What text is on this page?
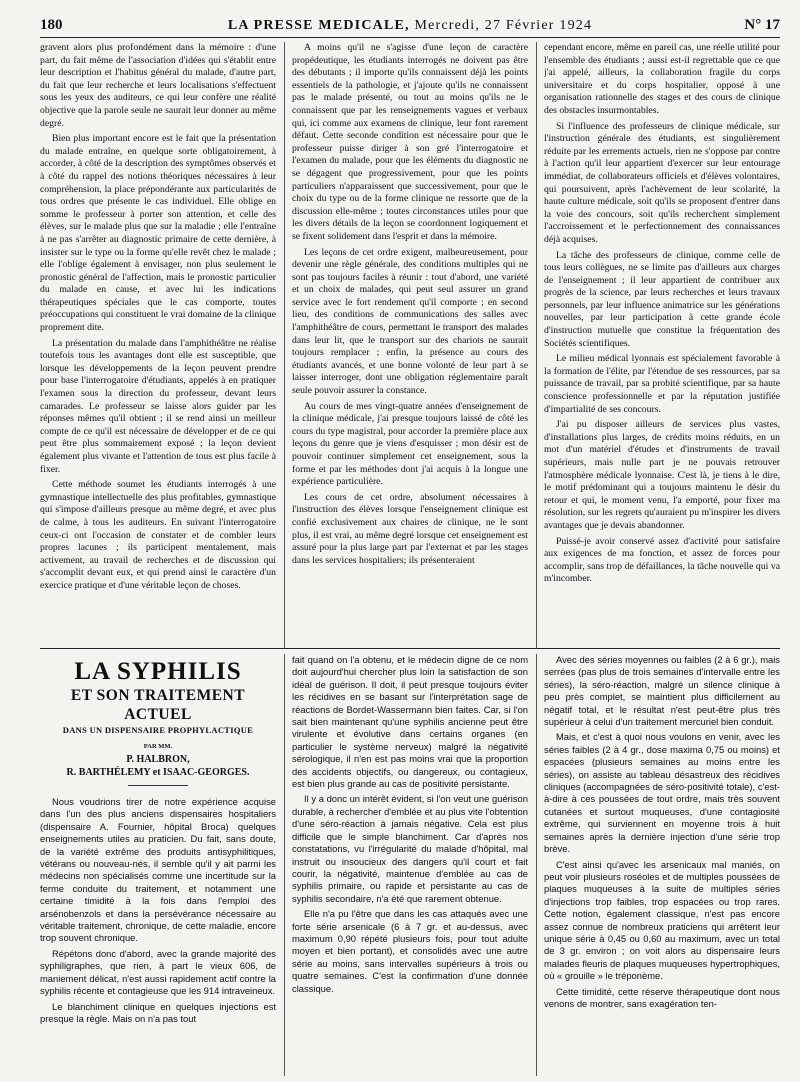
180	LA PRESSE MEDICALE, Mercredi, 27 Février 1924	N° 17

gravent alors plus profondément dans la mémoire : d'une part, du fait même de l'association d'idées qui s'établit entre leur description et l'habitus général du malade, d'autre part, du fait que leur recherche et leurs localisations s'effectuent sous les yeux des auditeurs, ce qui leur confère une réalité objective que la parole seule ne saurait leur donner au même degré.

Bien plus important encore est le fait que la présentation du malade entraîne, en quelque sorte obligatoirement, à accorder, à côté de la description des symptômes observés et à côté du rappel des notions théoriques nécessaires à leur compréhension, la place prépondérante aux particularités de tous ordres que présente le cas individuel. Elle oblige en somme le professeur à porter son attention, et celle des élèves, sur le malade plus que sur la maladie ; elle l'entraîne à ne pas s'arrêter au diagnostic primaire de cette dernière, à insister sur le type ou la forme qu'elle revêt chez le malade ; elle l'oblige également à envisager, non plus seulement le pronostic général de l'affection, mais le pronostic particulier du malade en cause, et avec lui les indications thérapeutiques spéciales que le cas comporte, toutes préoccupations qui constituent le vrai domaine de la clinique proprement dite.

La présentation du malade dans l'amphithéâtre ne réalise toutefois tous les avantages dont elle est susceptible, que lorsque les développements de la leçon peuvent prendre pour base l'interrogatoire d'étudiants, appelés à en pratiquer l'examen sous la direction du professeur, devant leurs camarades. Le professeur se laisse alors guider par les réponses mêmes qu'il obtient ; il se rend ainsi un meilleur compte de ce qu'il est nécessaire de développer et de ce qui peut être plus sommairement exposé ; la leçon devient également plus vivante et l'attention de tous est plus facile à fixer.

Cette méthode soumet les étudiants interrogés à une gymnastique intellectuelle des plus profitables, gymnastique qui s'impose d'ailleurs presque au même degré, et avec plus de calme, à tous les auditeurs. En suivant l'interrogatoire ceux-ci ont l'occasion de constater et de combler leurs propres lacunes ; ils participent mentalement, mais activement, au travail de recherches et de discussion qui s'accomplit devant eux, et qui prend ainsi le caractère d'un exercice pratique et d'une véritable leçon de choses.

A moins qu'il ne s'agisse d'une leçon de caractère propédeutique, les étudiants interrogés ne doivent pas être des débutants ; il importe qu'ils connaissent déjà les points essentiels de la pathologie, et j'ajoute qu'ils ne connaissent pas le malade présenté, ou tout au moins qu'ils ne le connaissent que par les renseignements vagues et verbaux qui, ici comme aux examens de clinique, leur font rarement défaut. Cette seconde condition est nécessaire pour que le professeur puisse diriger à son gré l'interrogatoire et l'examen du malade, pour que les éléments du diagnostic ne se dégagent que progressivement, pour que les points particuliers n'apparaissent que successivement, pour que le choix du type ou de la forme clinique ne ressorte que de la discussion elle-même ; toutes circonstances utiles pour que les divers détails de la leçon se coordonnent logiquement et se fixent solidement dans l'esprit et dans la mémoire.

Les leçons de cet ordre exigent, malheureusement, pour devenir une règle générale, des conditions multiples qui ne sont pas toujours faciles à réunir : tout d'abord, une variété et un choix de malades, qui peut seul assurer un grand service avec le fort rendement qu'il comporte ; en second lieu, des conditions de communications des salles avec l'amphithéâtre de cours, permettant le transport des malades dans leur lit, que le transport sur des chariots ne saurait toujours remplacer ; enfin, la présence au cours des étudiants avancés, et une bonne volonté de leur part à se laisser interroger, dont une obligation réglementaire paraît seule pouvoir assurer la constance.

Au cours de mes vingt-quatre années d'enseignement de la clinique médicale, j'ai presque toujours laissé de côté les cours du type magistral, pour accorder la première place aux leçons du genre que je viens d'esquisser ; mon désir est de pouvoir continuer simplement cet enseignement, sous la forme et par les méthodes dont j'ai acquis à la longue une expérience particulière.

Les cours de cet ordre, absolument nécessaires à l'instruction des élèves lorsque l'enseignement clinique est confié exclusivement aux chaires de clinique, ne le sont plus, il est vrai, au même degré lorsque cet enseignement est assuré pour la plus large part par l'externat et par les stages dans les services hospitaliers; ils présenteraient

cependant encore, même en pareil cas, une réelle utilité pour l'ensemble des étudiants ; aussi est-il regrettable que ce que j'ai appelé, ailleurs, la collaboration fragile du corps universitaire et du corps hospitalier, opposé à une organisation rationnelle des stages et des cours de clinique des obstacles insurmontables.

Si l'influence des professeurs de clinique médicale, sur l'instruction générale des étudiants, est singulièrement réduite par les errements actuels, rien ne s'oppose par contre à l'action qu'il leur appartient d'exercer sur leur entourage immédiat, de collaborateurs officiels et d'élèves volontaires, qui poursuivent, après l'achèvement de leur scolarité, la haute culture médicale, soit qu'ils se proposent d'entrer dans la voie des concours, soit qu'ils recherchent simplement l'accroissement et le perfectionnement des connaissances déjà acquises.

La tâche des professeurs de clinique, comme celle de tous leurs collègues, ne se limite pas d'ailleurs aux charges de l'enseignement ; il leur appartient de contribuer aux progrès de la science, par leurs recherches et leurs travaux personnels, par leur influence animatrice sur les générations nouvelles, par leur participation à cette grande école d'instruction mutuelle que constitue la fréquentation des Sociétés scientifiques.

Le milieu médical lyonnais est spécialement favorable à la formation de l'élite, par l'étendue de ses ressources, par sa puissance de travail, par sa probité scientifique, par sa haute conscience professionnelle et par la réputation justifiée d'impartialité de ses concours.

J'ai pu disposer ailleurs de services plus vastes, d'installations plus larges, de crédits moins réduits, en un mot d'un matériel d'études et d'instruments de travail supérieurs, mais nulle part je ne pouvais retrouver l'atmosphère médicale lyonnaise. C'est là, je tiens à le dire, le motif prédominant qui a toujours maintenu le désir du retour et qui, le moment venu, l'a emporté, pour fixer ma résolution, sur les regrets qu'auraient pu m'inspirer les divers avantages que je devais abandonner.

Puissé-je avoir conservé assez d'activité pour satisfaire aux exigences de ma fonction, et assez de forces pour accomplir, sans trop de défaillances, la tâche nouvelle qui va m'incomber.

LA SYPHILIS
ET SON TRAITEMENT ACTUEL
DANS UN DISPENSAIRE PROPHYLACTIQUE
PAR MM.
P. HALBRON,
R. BARTHÉLEMY et ISAAC-GEORGES.

Nous voudrions tirer de notre expérience acquise dans l'un des plus anciens dispensaires hospitaliers (dispensaire A. Fournier, hôpital Broca) quelques enseignements utiles au praticien. Du fait, sans doute, de la variété extrême des produits antisyphilitiques, vétérans ou nouveau-nés, il semble qu'il y ait parmi les médecins non spécialisés comme une incertitude sur la ferme conduite du traitement, et notamment une certaine timidité à la fois dans l'emploi des arsénobenzols et dans la persévérance nécessaire au véritable traitement, chronique, de cette maladie, encore trop souvent chronique.

Répétons donc d'abord, avec la grande majorité des syphiligraphes, que rien, à part le vieux 606, de maniement délicat, n'est aussi rapidement actif contre la syphilis récente et contagieuse que les 914 intraveineux.

Le blanchiment clinique en quelques injections est presque la règle. Mais on n'a pas tout

fait quand on l'a obtenu, et le médecin digne de ce nom doit aujourd'hui chercher plus loin la satisfaction de son idéal de guérison. Il doit, il peut presque toujours éviter les récidives en se basant sur l'interprétation sage de réactions de Bordet-Wassermann bien faites. Car, si l'on sait bien maintenant qu'une syphilis ancienne peut être virulente et évolutive dans certains organes (en particulier le système nerveux) malgré la négativité sérologique, il n'en est pas moins vrai que la proportion des accidents objectifs, ou dangereux, ou contagieux, est bien plus grande au cas de positivité persistante.

Il y a donc un intérêt évident, si l'on veut une guérison durable, à rechercher d'emblée et au plus vite l'obtention d'une séro-réaction à jamais négative. Cela est plus difficile que le simple blanchiment. Car d'après nos constatations, vu l'irrégularité du malade d'hôpital, mal instruit ou insoucieux des dangers qu'il court et fait courir, la négativité, maintenue d'emblée au cas de syphilis primaire, ou rapide et persistante au cas de syphilis secondaire, n'a été que rarement obtenue.

Elle n'a pu l'être que dans les cas attaqués avec une forte série arsenicale (6 à 7 gr. et au-dessus, avec maximum 0,90 répété plusieurs fois, pour tout adulte moyen et bien portant), et consolidés avec une autre série au moins, sans intervalles supérieurs à trois ou quatre semaines. C'est la confirmation d'une donnée classique.

Avec des séries moyennes ou faibles (2 à 6 gr.), mais serrées (pas plus de trois semaines d'intervalle entre les séries), la séro-réaction, malgré un silence clinique à peu près complet, se maintient plus difficilement au négatif total, et le résultat n'est peut-être plus très supérieur à celui d'un traitement mercuriel bien conduit.

Mais, et c'est à quoi nous voulons en venir, avec les séries faibles (2 à 4 gr., dose maxima 0,75 ou moins) et espacées (plusieurs semaines au moins entre les séries), on assiste au tableau désastreux des récidives cliniques (accompagnées de séro-positivité totale), c'est-à-dire à ces poussées de tout ordre, mais très souvent cutanées et surtout muqueuses, d'une contagiosité extrême, qui surviennent en moyenne trois à huit semaines après la dernière injection d'une série trop brève.

C'est ainsi qu'avec les arsenicaux mal maniés, on peut voir plusieurs roséoles et de multiples poussées de plaques muqueuses à la suite de multiples séries d'injections trop faibles, trop espacées ou trop rares. Cette notion, également classique, n'est pas encore assez connue de nombreux praticiens qui arrêtent leur unique série à 0,45 ou 0,60 au maximum, avec un total de 3 gr. environ ; on voit alors au dispensaire leurs malades fleuris de plaques muqueuses hypertrophiques, où « grouille » le tréponème.

Cette timidité, cette réserve thérapeutique dont nous venons de montrer, sans exagération ten-
